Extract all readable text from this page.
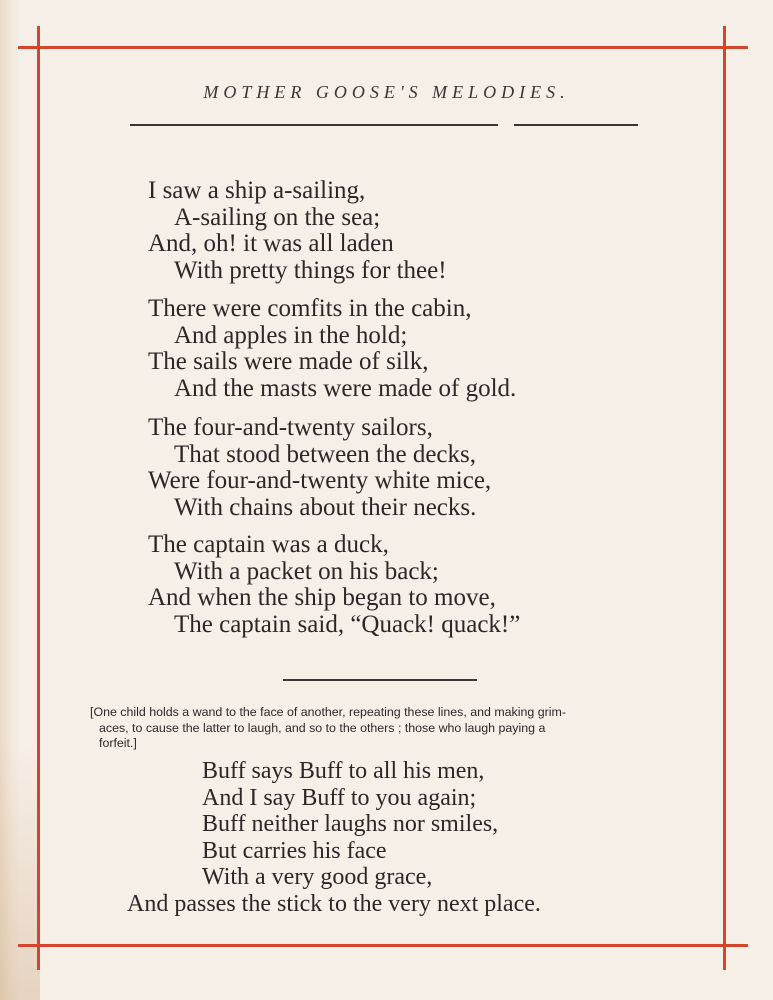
MOTHER GOOSE'S MELODIES.
I saw a ship a-sailing,
A-sailing on the sea;
And, oh! it was all laden
With pretty things for thee!
There were comfits in the cabin,
And apples in the hold;
The sails were made of silk,
And the masts were made of gold.
The four-and-twenty sailors,
That stood between the decks,
Were four-and-twenty white mice,
With chains about their necks.
The captain was a duck,
With a packet on his back;
And when the ship began to move,
The captain said, “Quack! quack!”
[One child holds a wand to the face of another, repeating these lines, and making grim-
aces, to cause the latter to laugh, and so to the others ; those who laugh paying a
forfeit.]
Buff says Buff to all his men,
And I say Buff to you again;
Buff neither laughs nor smiles,
But carries his face
With a very good grace,
And passes the stick to the very next place.
